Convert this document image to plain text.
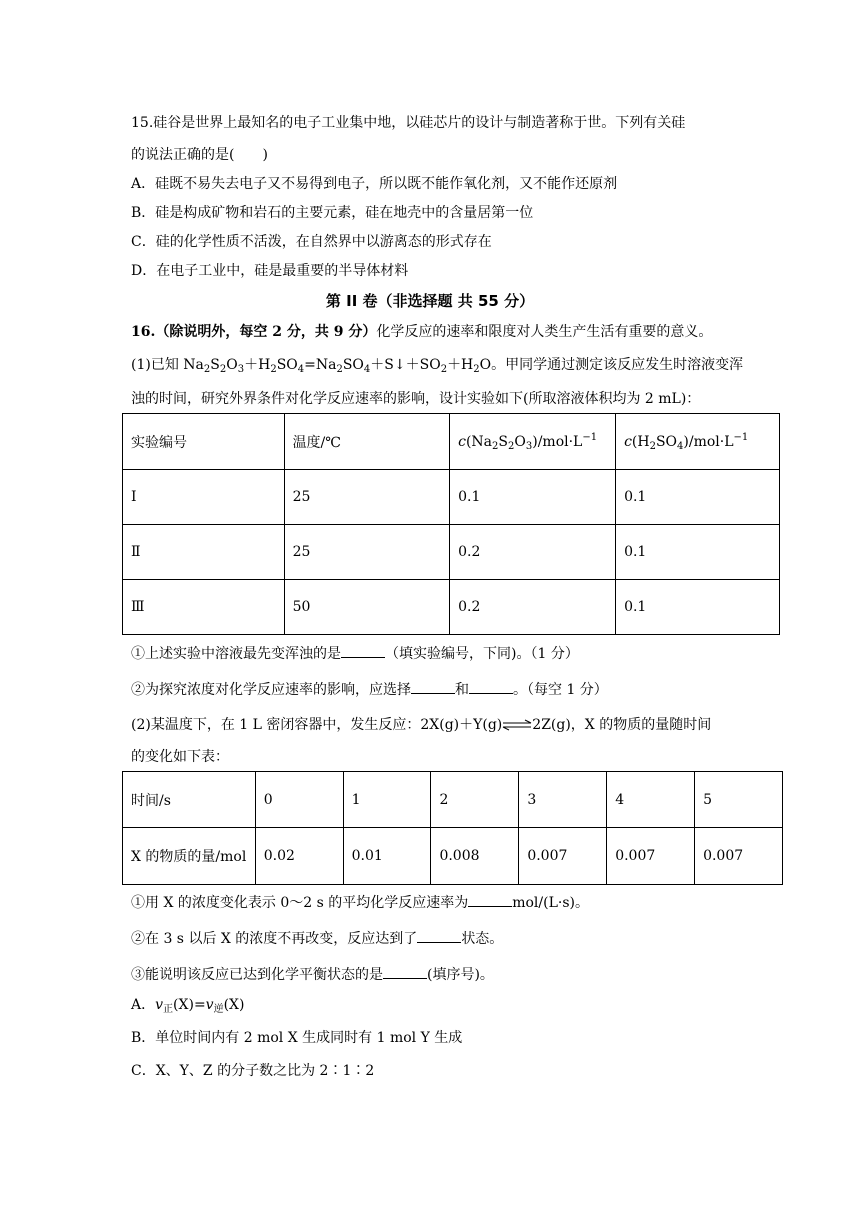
15.硅谷是世界上最知名的电子工业集中地，以硅芯片的设计与制造著称于世。下列有关硅
的说法正确的是(　　)
A．硅既不易失去电子又不易得到电子，所以既不能作氧化剂，又不能作还原剂
B．硅是构成矿物和岩石的主要元素，硅在地壳中的含量居第一位
C．硅的化学性质不活泼，在自然界中以游离态的形式存在
D．在电子工业中，硅是最重要的半导体材料
第 II 卷（非选择题 共 55 分）
16.（除说明外，每空 2 分，共 9 分）化学反应的速率和限度对人类生产生活有重要的意义。
(1)已知 $Na_2S_2O_3+H_2SO_4=Na_2SO_4+S↓+SO_2+H_2O$。甲同学通过测定该反应发生时溶液变浑
浊的时间，研究外界条件对化学反应速率的影响，设计实验如下(所取溶液体积均为 2 mL)：
实验编号	温度/℃	$c(Na_2S_2O_3)/mol\cdot L^{-1}$	$c(H_2SO_4)/mol\cdot L^{-1}$
Ⅰ	25	0.1	0.1
Ⅱ	25	0.2	0.1
Ⅲ	50	0.2	0.1
①上述实验中溶液最先变浑浊的是	（填实验编号，下同)。（1 分）
②为探究浓度对化学反应速率的影响，应选择	和	。（每空 1 分）
(2)某温度下，在 1 L 密闭容器中，发生反应：2X(g)＋Y(g)⇌2Z(g)，X 的物质的量随时间
的变化如下表：
时间/s	0	1	2	3	4	5
X 的物质的量/mol	0.02	0.01	0.008	0.007	0.007	0.007
①用 X 的浓度变化表示 0～2 s 的平均化学反应速率为	mol/(L·s)。
②在 3 s 以后 X 的浓度不再改变，反应达到了	状态。
③能说明该反应已达到化学平衡状态的是	(填序号)。
A．$v_正(X)=v_逆(X)$
B．单位时间内有 2 mol X 生成同时有 1 mol Y 生成
C．X、Y、Z 的分子数之比为 2∶1∶2
